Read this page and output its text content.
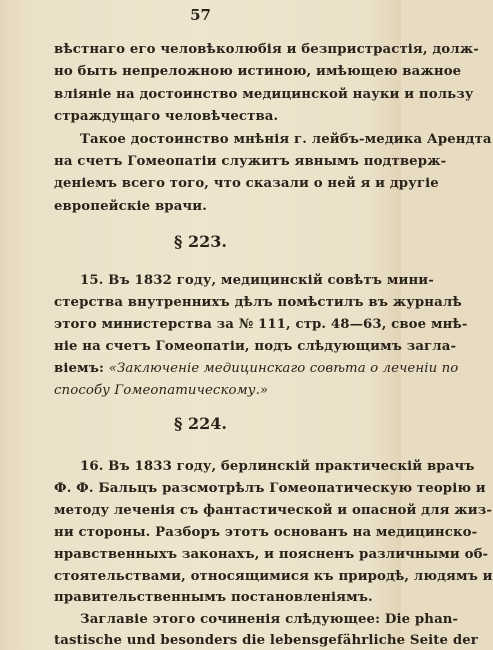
57
вѣстнаго его человѣколюбія и безпристрастія, долж-
но быть непреложною истиною, имѣющею важное
вліяніе на достоинство медицинской науки и пользу
страждущаго человѣчества.
Такое достоинство мнѣнія г. лейбъ-медика Арендта
на счетъ Гомеопатіи служитъ явнымъ подтверж-
деніемъ всего того, что сказали о ней я и другіе
европейскіе врачи.
§ 223.
15. Въ 1832 году, медицинскій совѣтъ мини-
стерства внутреннихъ дѣлъ помѣстилъ въ журналѣ
этого министерства за № 111, стр. 48—63, свое мнѣ-
ніе на счетъ Гомеопатіи, подъ слѣдующимъ загла-
віемъ: «Заключеніе медицинскаго совѣта о леченіи по
способу Гомеопатическому.»
§ 224.
16. Въ 1833 году, берлинскій практическій врачъ
Ф. Ф. Бальцъ разсмотрѣлъ Гомеопатическую теорію и
методу леченія съ фантастической и опасной для жиз-
ни стороны. Разборъ этотъ основанъ на медицинско-
нравственныхъ законахъ, и поясненъ различными об-
стоятельствами, относящимися къ природѣ, людямъ и
правительственнымъ постановленіямъ.
Заглавіе этого сочиненія слѣдующее: Die phan-
tastische und besonders die lebensgefährliche Seite der
